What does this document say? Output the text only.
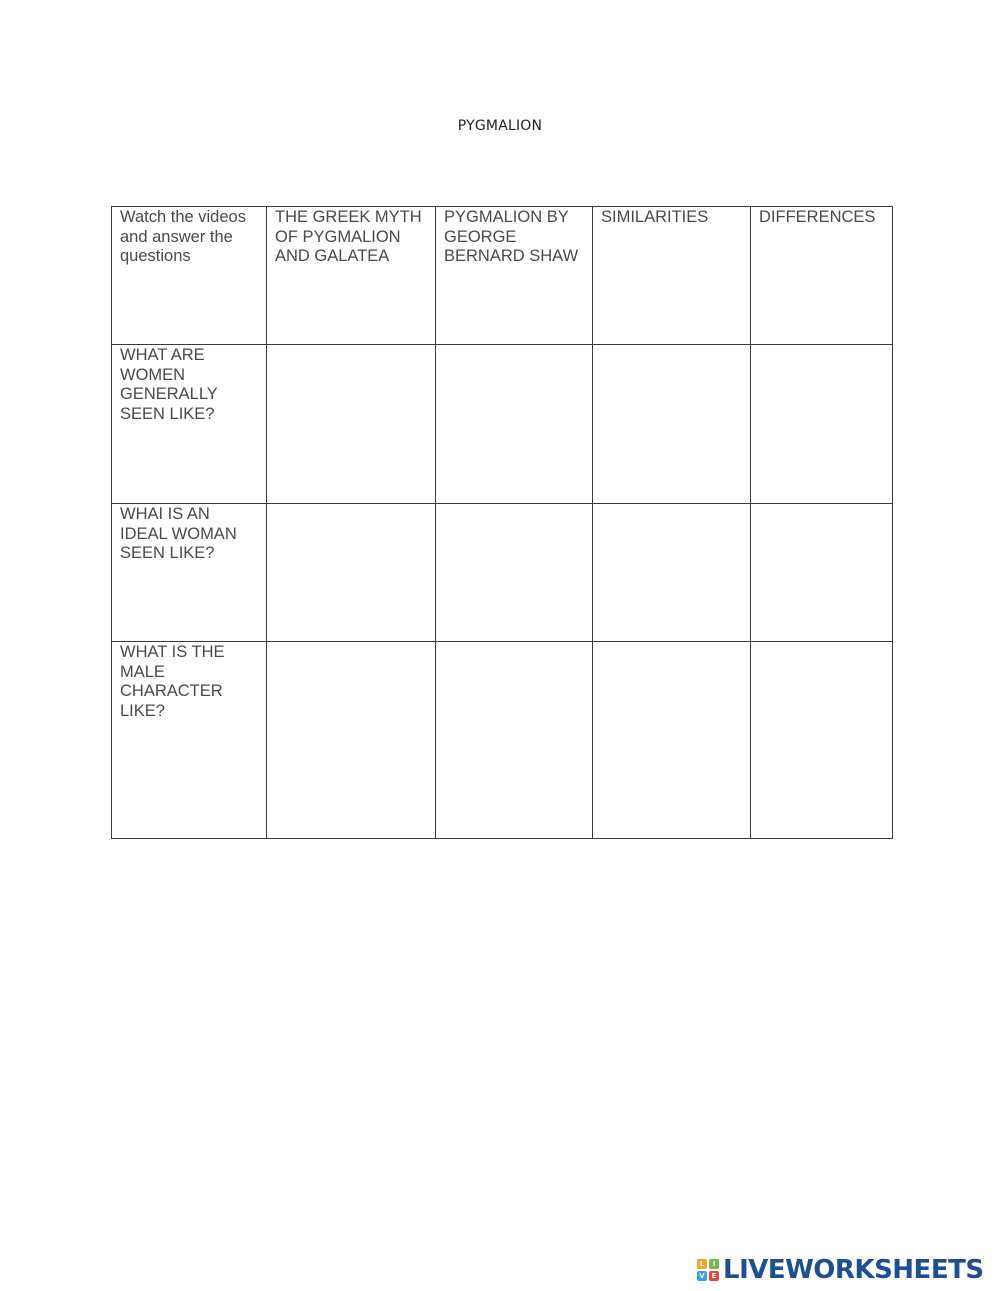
PYGMALION
Watch the videos and answer the questions	THE GREEK MYTH OF PYGMALION AND GALATEA	PYGMALION BY GEORGE BERNARD SHAW	SIMILARITIES	DIFFERENCES
WHAT ARE WOMEN GENERALLY SEEN LIKE?				
WHAI IS AN IDEAL WOMAN SEEN LIKE?				
WHAT IS THE MALE CHARACTER LIKE?				
L	I
V E LIVEWORKSHEETS
